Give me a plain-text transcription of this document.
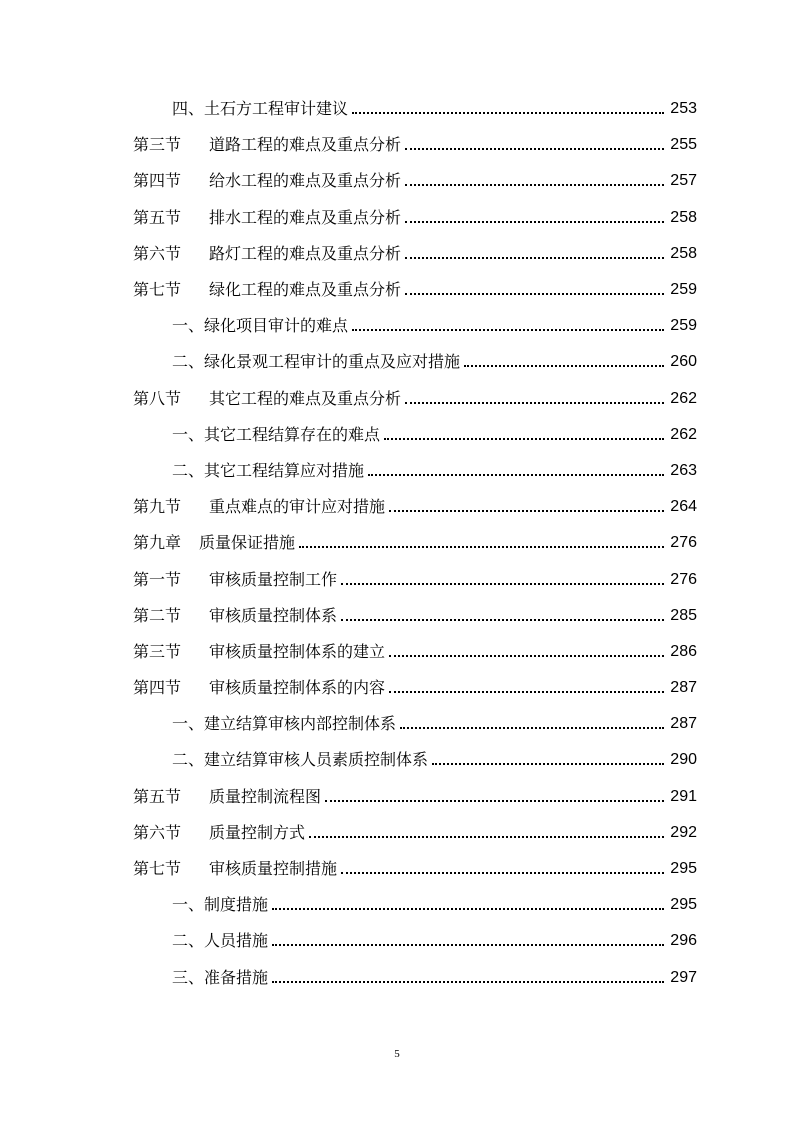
四、土石方工程审计建议	253
第三节 道路工程的难点及重点分析	255
第四节 给水工程的难点及重点分析	257
第五节 排水工程的难点及重点分析	258
第六节 路灯工程的难点及重点分析	258
第七节 绿化工程的难点及重点分析	259
一、绿化项目审计的难点	259
二、绿化景观工程审计的重点及应对措施	260
第八节 其它工程的难点及重点分析	262
一、其它工程结算存在的难点	262
二、其它工程结算应对措施	263
第九节 重点难点的审计应对措施	264
第九章 质量保证措施	276
第一节 审核质量控制工作	276
第二节 审核质量控制体系	285
第三节 审核质量控制体系的建立	286
第四节 审核质量控制体系的内容	287
一、建立结算审核内部控制体系	287
二、建立结算审核人员素质控制体系	290
第五节 质量控制流程图	291
第六节 质量控制方式	292
第七节 审核质量控制措施	295
一、制度措施	295
二、人员措施	296
三、准备措施	297
5
